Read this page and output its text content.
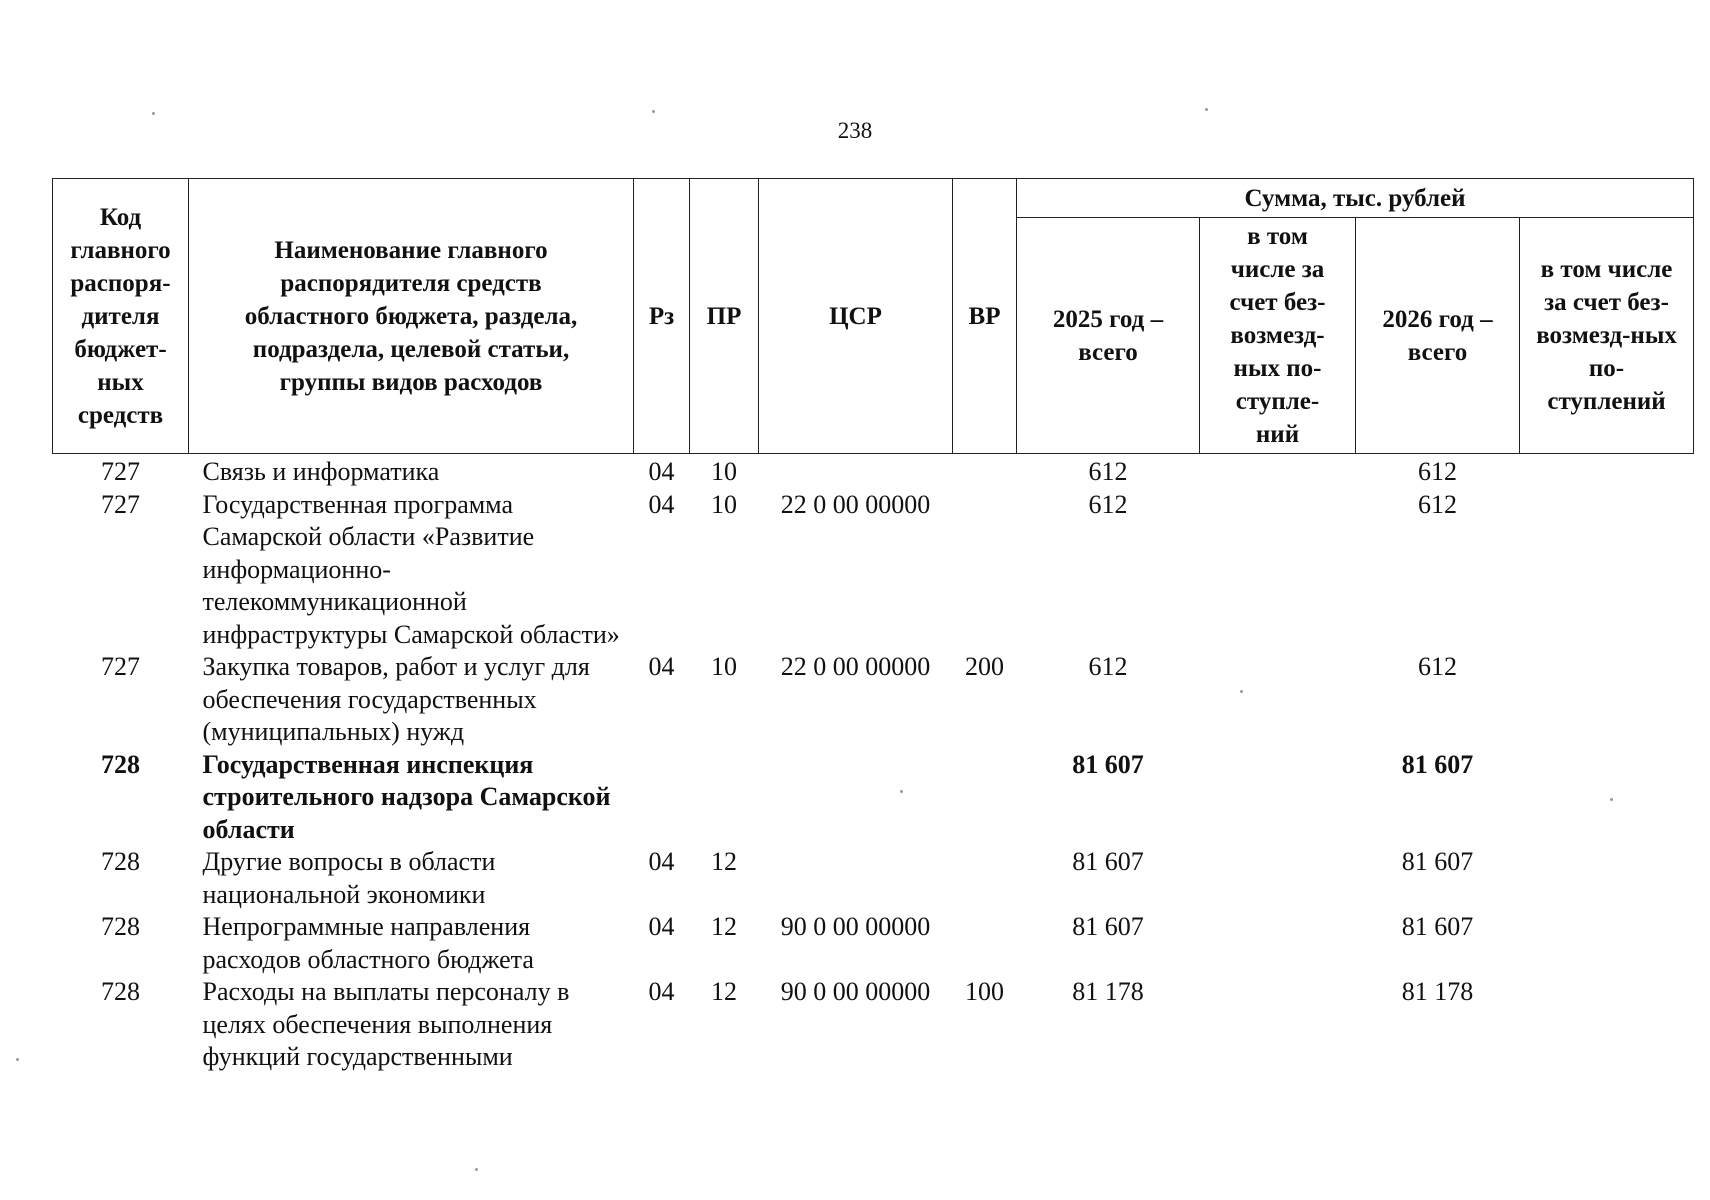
238
Код главного распоря-дителя бюджет-ных средств	Наименование главного распорядителя средств областного бюджета, раздела, подраздела, целевой статьи, группы видов расходов	Рз	ПР	ЦСР	ВР	Сумма, тыс. рублей			
						2025 год – всего	в том числе за счет без-возмезд-ных по-ступле-ний	2026 год – всего	в том числе за счет без-возмезд-ных по-ступлений
727	Связь и информатика	04	10			612		612	
727	Государственная программа Самарской области «Развитие информационно-телекоммуникационной инфраструктуры Самарской области»	04	10	22 0 00 00000		612		612	
727	Закупка товаров, работ и услуг для обеспечения государственных (муниципальных) нужд	04	10	22 0 00 00000	200	612		612	
728	Государственная инспекция строительного надзора Самарской области					81 607		81 607	
728	Другие вопросы в области национальной экономики	04	12			81 607		81 607	
728	Непрограммные направления расходов областного бюджета	04	12	90 0 00 00000		81 607		81 607	
728	Расходы на выплаты персоналу в целях обеспечения выполнения функций государственными	04	12	90 0 00 00000	100	81 178		81 178	
